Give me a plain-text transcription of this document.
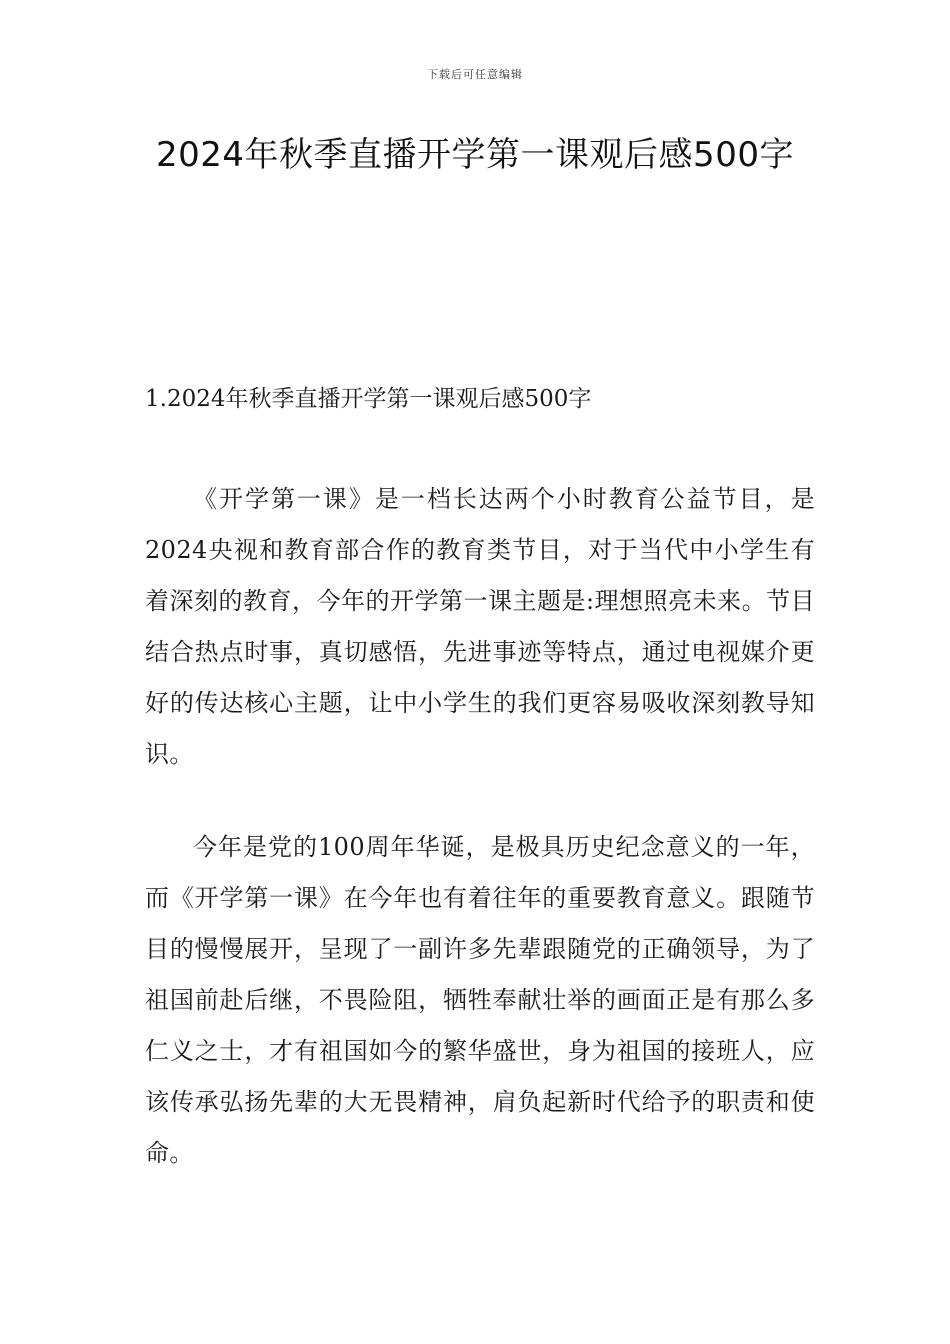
下载后可任意编辑
2024年秋季直播开学第一课观后感500字
1.2024年秋季直播开学第一课观后感500字

《开学第一课》是一档长达两个小时教育公益节目，是2024央视和教育部合作的教育类节目，对于当代中小学生有着深刻的教育，今年的开学第一课主题是:理想照亮未来。节目结合热点时事，真切感悟，先进事迹等特点，通过电视媒介更好的传达核心主题，让中小学生的我们更容易吸收深刻教导知识。

今年是党的100周年华诞，是极具历史纪念意义的一年，而《开学第一课》在今年也有着往年的重要教育意义。跟随节目的慢慢展开，呈现了一副许多先辈跟随党的正确领导，为了祖国前赴后继，不畏险阻，牺牲奉献壮举的画面正是有那么多仁义之士，才有祖国如今的繁华盛世，身为祖国的接班人，应该传承弘扬先辈的大无畏精神，肩负起新时代给予的职责和使命。
